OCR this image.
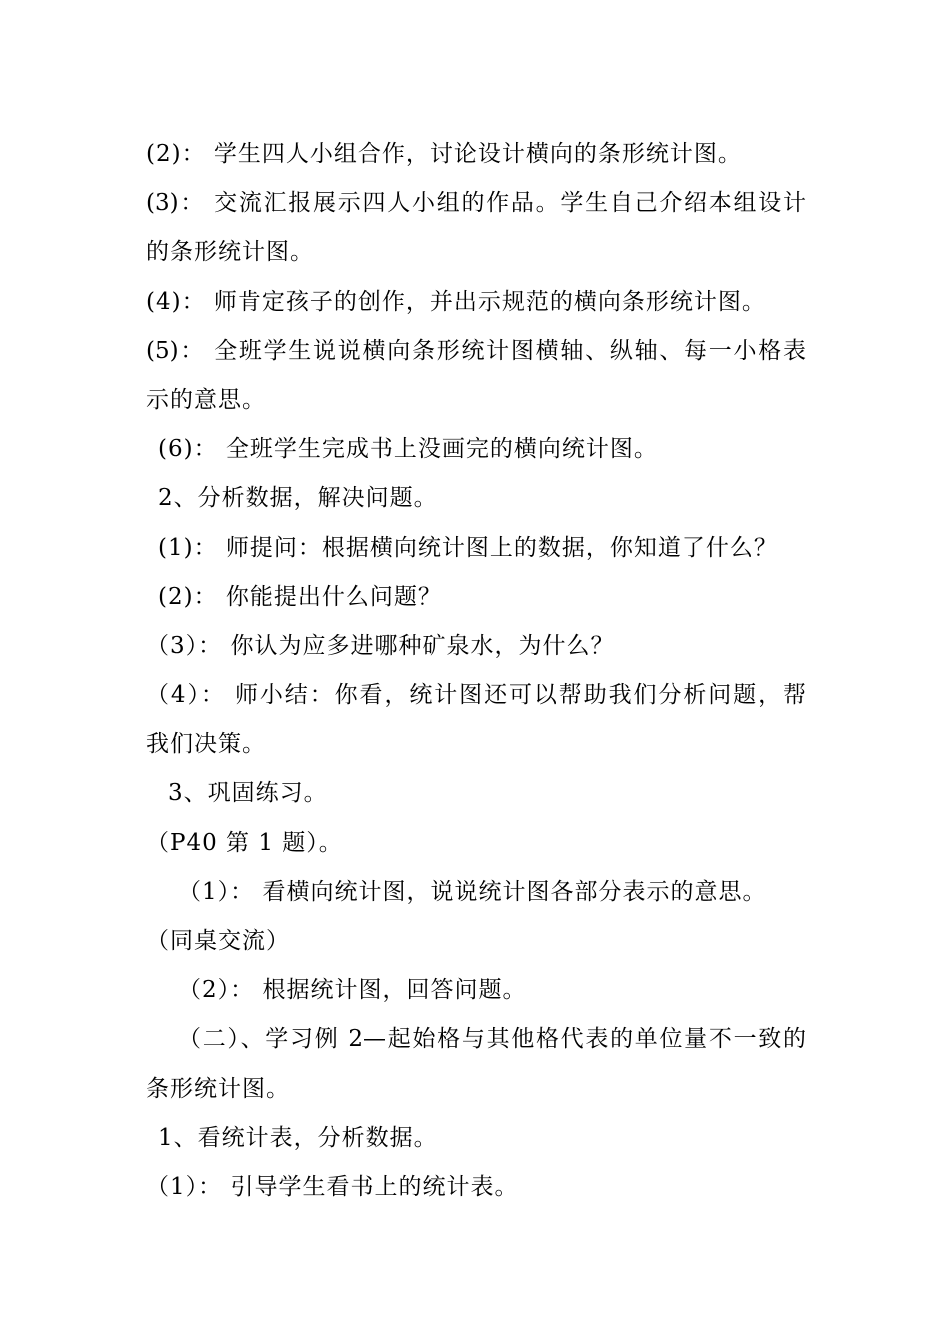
(2)： 学生四人小组合作，讨论设计横向的条形统计图。
(3)： 交流汇报展示四人小组的作品。学生自己介绍本组设计
的条形统计图。
(4)： 师肯定孩子的创作，并出示规范的横向条形统计图。
(5)： 全班学生说说横向条形统计图横轴、纵轴、每一小格表
示的意思。
(6)： 全班学生完成书上没画完的横向统计图。
2、分析数据，解决问题。
(1)： 师提问：根据横向统计图上的数据，你知道了什么？
(2)： 你能提出什么问题？
（3）： 你认为应多进哪种矿泉水，为什么？
（4）： 师小结：你看，统计图还可以帮助我们分析问题，帮
我们决策。
3、巩固练习。
（P40 第 1 题）。
（1）： 看横向统计图，说说统计图各部分表示的意思。
（同桌交流）
（2）： 根据统计图，回答问题。
（二）、学习例 2—起始格与其他格代表的单位量不一致的
条形统计图。
1、看统计表，分析数据。
（1）： 引导学生看书上的统计表。
